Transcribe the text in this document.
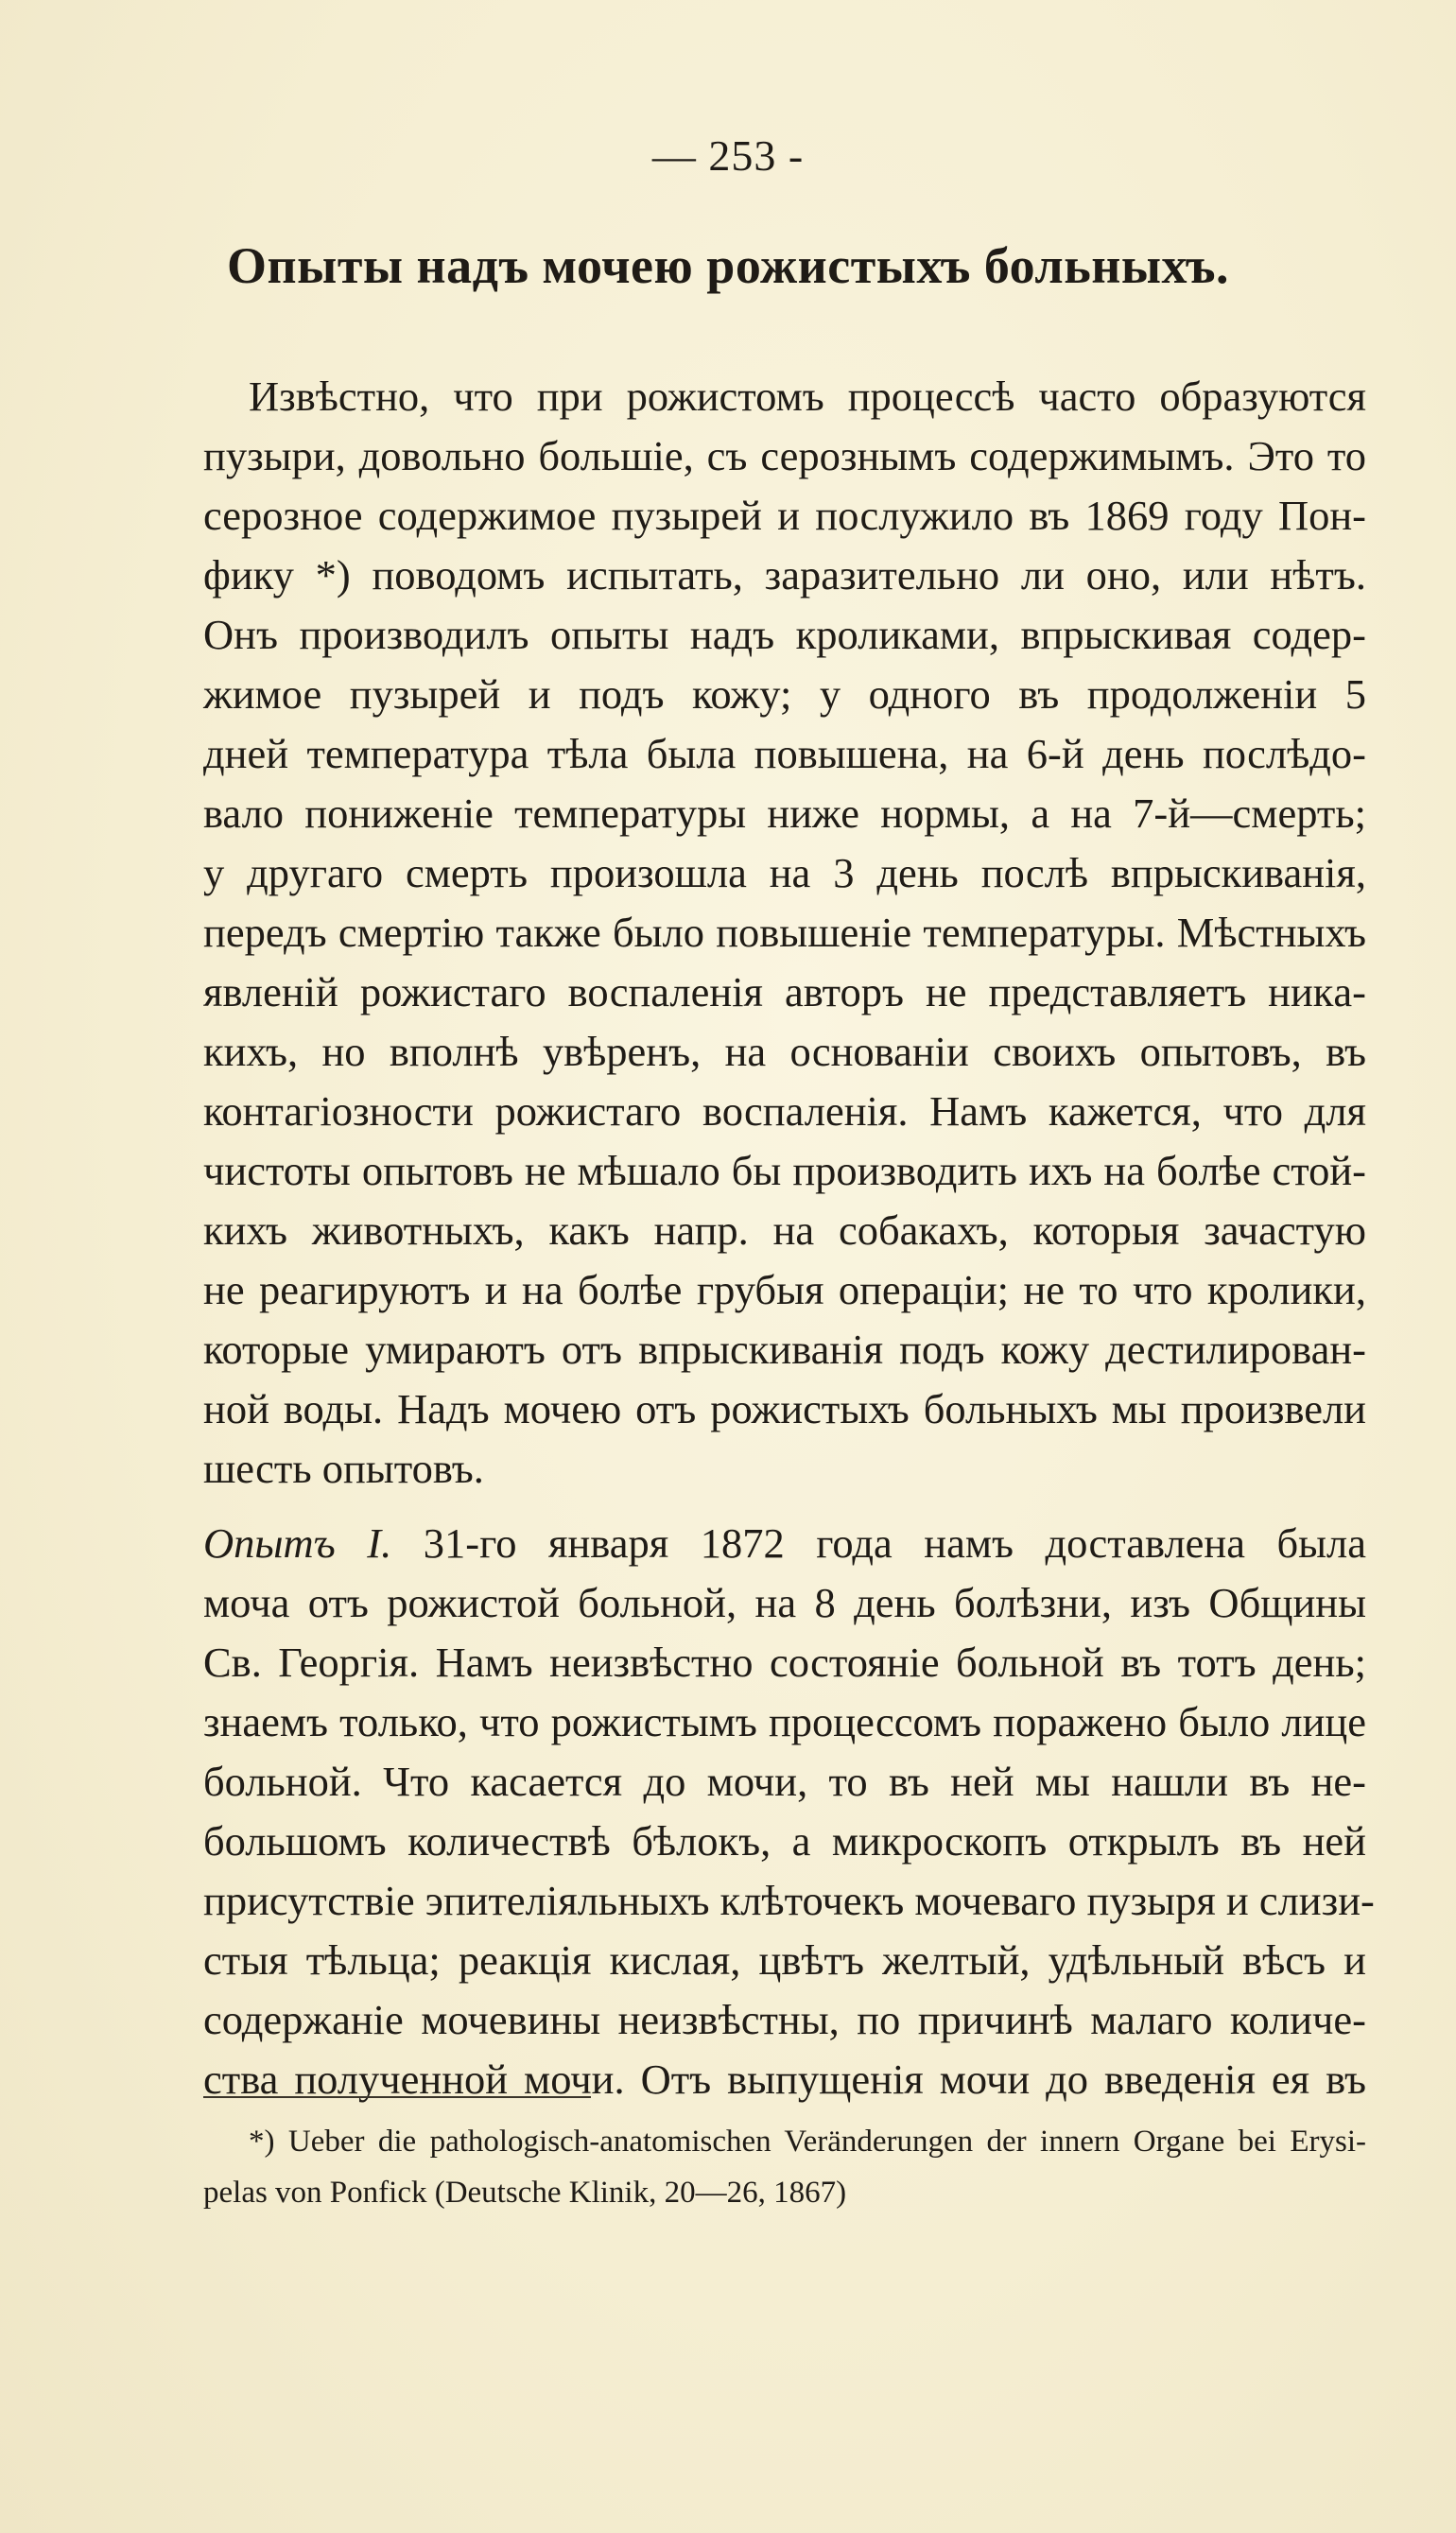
— 253 -
Опыты надъ мочею рожистыхъ больныхъ.
Извѣстно, что при рожистомъ процессѣ часто образуются
пузыри, довольно большіе, съ серознымъ содержимымъ. Это то
серозное содержимое пузырей и послужило въ 1869 году Пон-
фику *) поводомъ испытать, заразительно ли оно, или нѣтъ.
Онъ производилъ опыты надъ кроликами, впрыскивая содер-
жимое пузырей и подъ кожу; у одного въ продолженіи 5
дней температура тѣла была повышена, на 6-й день послѣдо-
вало пониженіе температуры ниже нормы, а на 7-й—смерть;
у другаго смерть произошла на 3 день послѣ впрыскиванія,
передъ смертію также было повышеніе температуры. Мѣстныхъ
явленій рожистаго воспаленія авторъ не представляетъ никa-
кихъ, но вполнѣ увѣренъ, на основаніи своихъ опытовъ, въ
контагіозности рожистаго воспаленія. Намъ кажется, что для
чистоты опытовъ не мѣшало бы производить ихъ на болѣе стой-
кихъ животныхъ, какъ напр. на собакахъ, которыя зачастую
не реагируютъ и на болѣе грубыя операціи; не то что кролики,
которые умираютъ отъ впрыскиванія подъ кожу дестилирован-
ной воды. Надъ мочею отъ рожистыхъ больныхъ мы произвели
шесть опытовъ.
Опытъ I. 31-го января 1872 года намъ доставлена была
моча отъ рожистой больной, на 8 день болѣзни, изъ Общины
Св. Георгія. Намъ неизвѣстно состояніе больной въ тотъ день;
знаемъ только, что рожистымъ процессомъ поражено было лице
больной. Что касается до мочи, то въ ней мы нашли въ не-
большомъ количествѣ бѣлокъ, а микроскопъ открылъ въ ней
присутствіе эпителіяльныхъ клѣточекъ мочеваго пузыря и слизи-
стыя тѣльца; реакція кислая, цвѣтъ желтый, удѣльный вѣсъ и
содержаніе мочевины неизвѣстны, по причинѣ малаго количе-
ства полученной мочи. Отъ выпущенія мочи до введенія ея въ
*) Ueber die pathologisch-anatomischen Veränderungen der innern Organe bei Erysi-
pelas von Ponfick (Deutsche Klinik, 20—26, 1867)
